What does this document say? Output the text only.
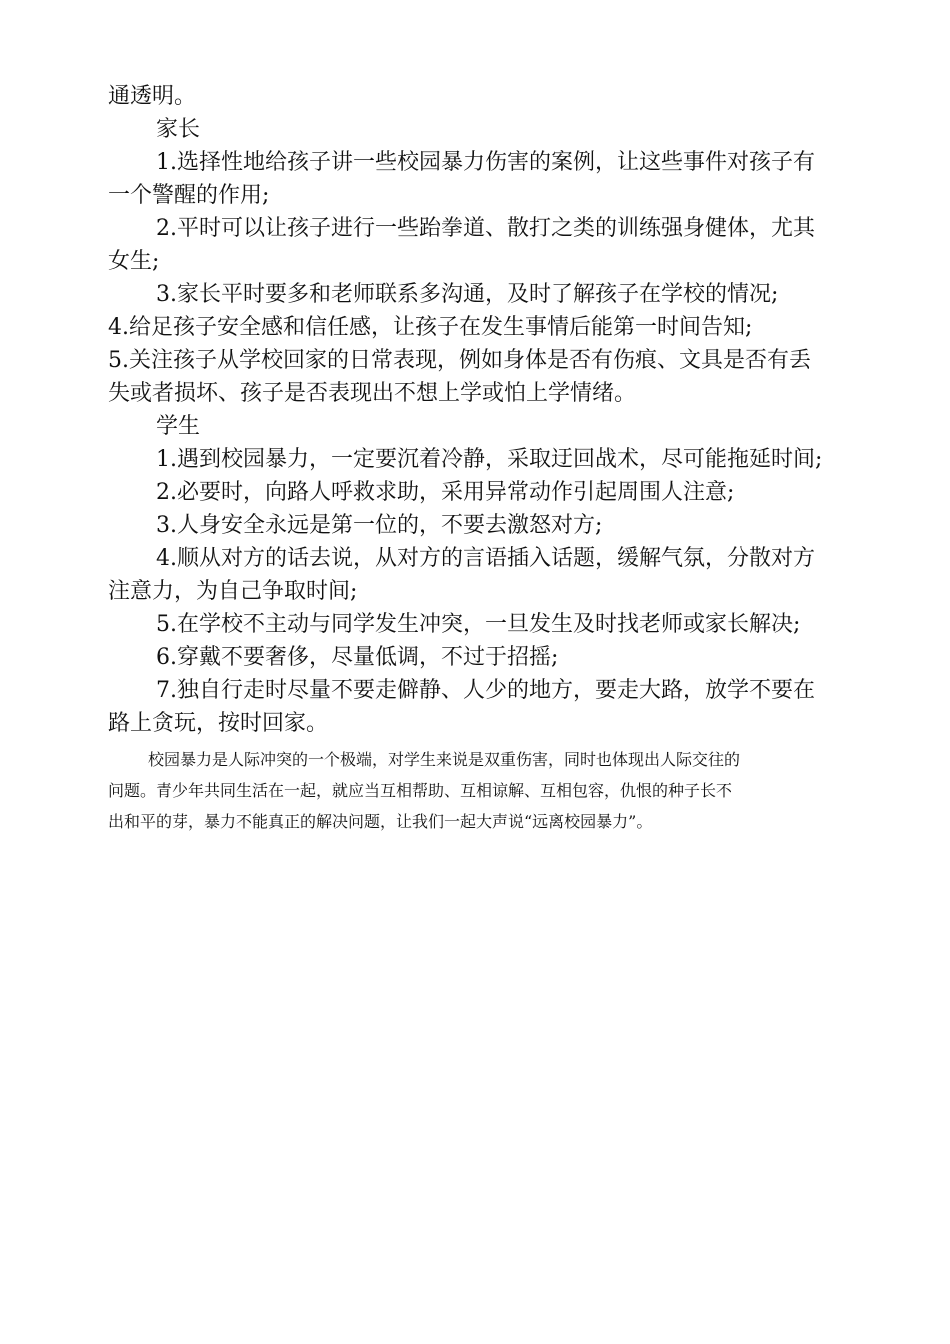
通透明。
家长
1.选择性地给孩子讲一些校园暴力伤害的案例，让这些事件对孩子有
一个警醒的作用;
2.平时可以让孩子进行一些跆拳道、散打之类的训练强身健体，尤其
女生;
3.家长平时要多和老师联系多沟通，及时了解孩子在学校的情况;
4.给足孩子安全感和信任感，让孩子在发生事情后能第一时间告知;
5.关注孩子从学校回家的日常表现，例如身体是否有伤痕、文具是否有丢
失或者损坏、孩子是否表现出不想上学或怕上学情绪。
学生
1.遇到校园暴力，一定要沉着冷静，采取迂回战术，尽可能拖延时间;
2.必要时，向路人呼救求助，采用异常动作引起周围人注意;
3.人身安全永远是第一位的，不要去激怒对方;
4.顺从对方的话去说，从对方的言语插入话题，缓解气氛，分散对方
注意力，为自己争取时间;
5.在学校不主动与同学发生冲突，一旦发生及时找老师或家长解决;
6.穿戴不要奢侈，尽量低调，不过于招摇;
7.独自行走时尽量不要走僻静、人少的地方，要走大路，放学不要在
路上贪玩，按时回家。
校园暴力是人际冲突的一个极端，对学生来说是双重伤害，同时也体现出人际交往的
问题。青少年共同生活在一起，就应当互相帮助、互相谅解、互相包容，仇恨的种子长不
出和平的芽，暴力不能真正的解决问题，让我们一起大声说“远离校园暴力”。
